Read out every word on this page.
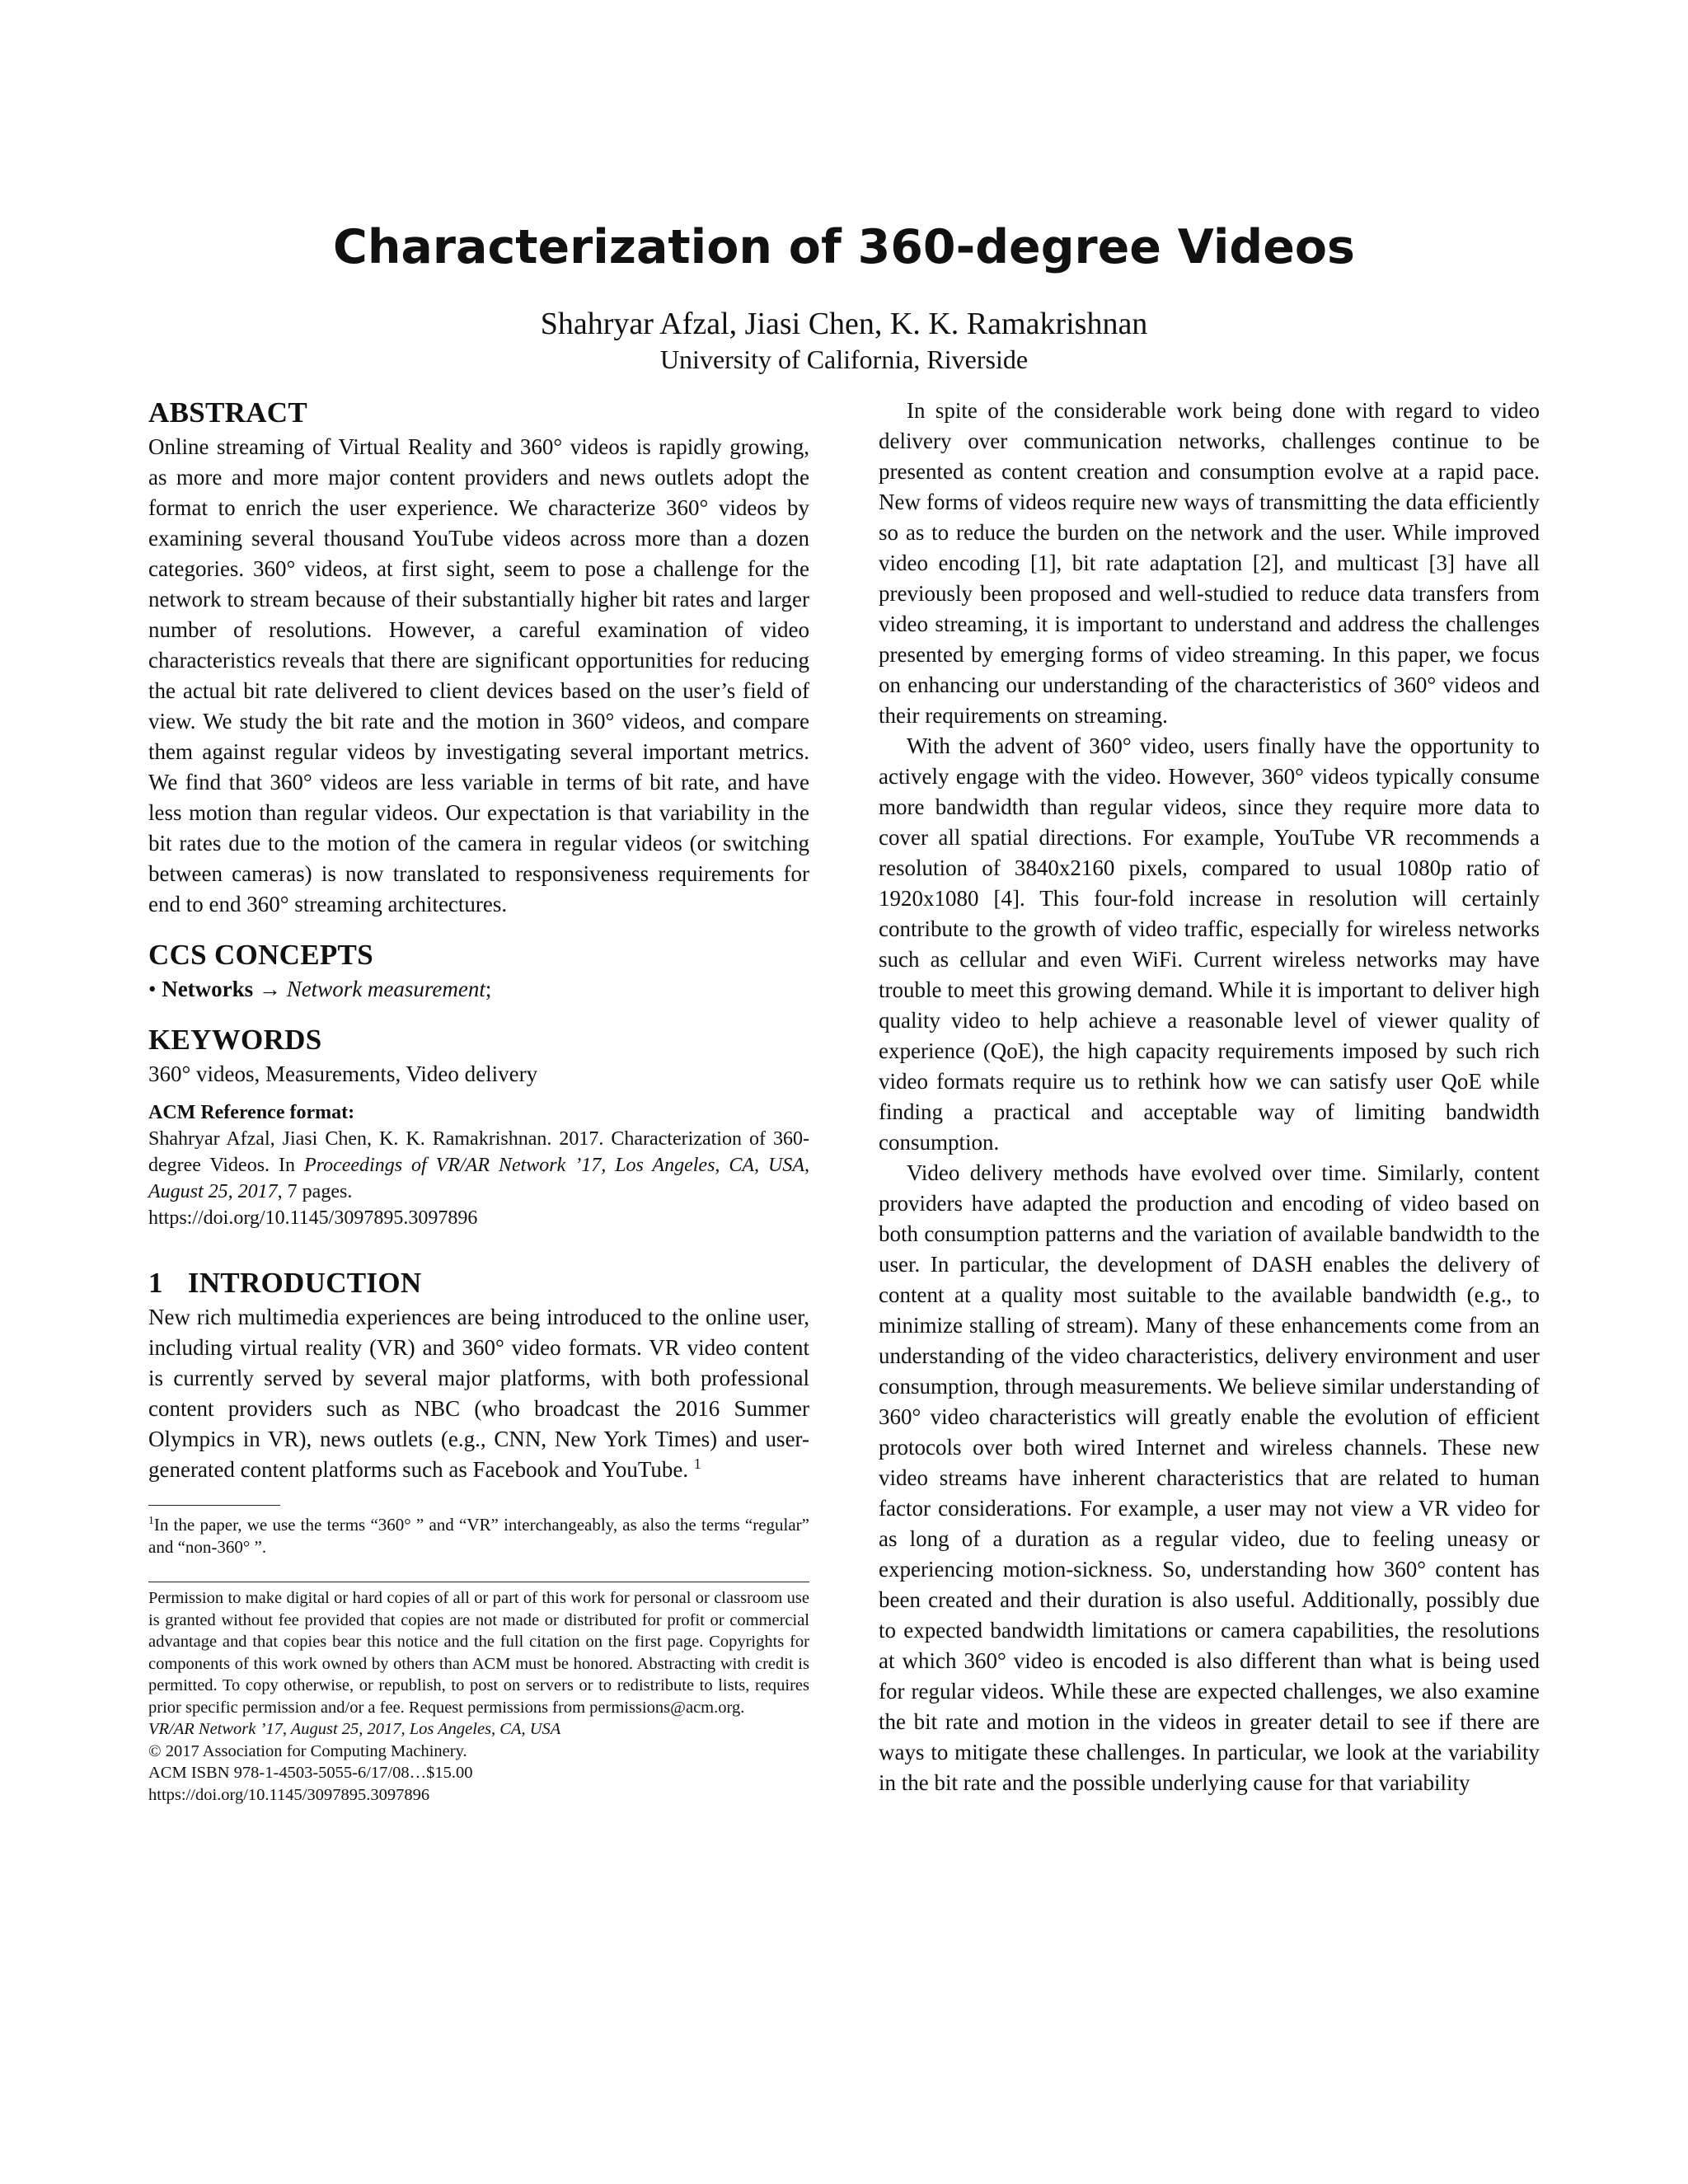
Characterization of 360-degree Videos
Shahryar Afzal, Jiasi Chen, K. K. Ramakrishnan
University of California, Riverside
ABSTRACT

Online streaming of Virtual Reality and 360° videos is rapidly growing, as more and more major content providers and news outlets adopt the format to enrich the user experience. We characterize 360° videos by examining several thousand YouTube videos across more than a dozen categories. 360° videos, at first sight, seem to pose a challenge for the network to stream because of their substantially higher bit rates and larger number of resolutions. However, a careful examination of video characteristics reveals that there are significant opportunities for reducing the actual bit rate delivered to client devices based on the user’s field of view. We study the bit rate and the motion in 360° videos, and compare them against regular videos by investigating several important metrics. We find that 360° videos are less variable in terms of bit rate, and have less motion than regular videos. Our expectation is that variability in the bit rates due to the motion of the camera in regular videos (or switching between cameras) is now translated to responsiveness requirements for end to end 360° streaming architectures.

CCS CONCEPTS

• Networks → Network measurement;

KEYWORDS

360° videos, Measurements, Video delivery

ACM Reference format:

Shahryar Afzal, Jiasi Chen, K. K. Ramakrishnan. 2017. Characterization of 360-degree Videos. In Proceedings of VR/AR Network ’17, Los Angeles, CA, USA, August 25, 2017, 7 pages.
https://doi.org/10.1145/3097895.3097896

1 INTRODUCTION

New rich multimedia experiences are being introduced to the online user, including virtual reality (VR) and 360° video formats. VR video content is currently served by several major platforms, with both professional content providers such as NBC (who broadcast the 2016 Summer Olympics in VR), news outlets (e.g., CNN, New York Times) and user-generated content platforms such as Facebook and YouTube. $^1$

$^1$In the paper, we use the terms “360° ” and “VR” interchangeably, as also the terms “regular” and “non-360° ”.

Permission to make digital or hard copies of all or part of this work for personal or classroom use is granted without fee provided that copies are not made or distributed for profit or commercial advantage and that copies bear this notice and the full citation on the first page. Copyrights for components of this work owned by others than ACM must be honored. Abstracting with credit is permitted. To copy otherwise, or republish, to post on servers or to redistribute to lists, requires prior specific permission and/or a fee. Request permissions from permissions@acm.org.

VR/AR Network ’17, August 25, 2017, Los Angeles, CA, USA

© 2017 Association for Computing Machinery.

ACM ISBN 978-1-4503-5055-6/17/08…$15.00

https://doi.org/10.1145/3097895.3097896

In spite of the considerable work being done with regard to video delivery over communication networks, challenges continue to be presented as content creation and consumption evolve at a rapid pace. New forms of videos require new ways of transmitting the data efficiently so as to reduce the burden on the network and the user. While improved video encoding [1], bit rate adaptation [2], and multicast [3] have all previously been proposed and well-studied to reduce data transfers from video streaming, it is important to understand and address the challenges presented by emerging forms of video streaming. In this paper, we focus on enhancing our understanding of the characteristics of 360° videos and their requirements on streaming.

With the advent of 360° video, users finally have the opportunity to actively engage with the video. However, 360° videos typically consume more bandwidth than regular videos, since they require more data to cover all spatial directions. For example, YouTube VR recommends a resolution of 3840x2160 pixels, compared to usual 1080p ratio of 1920x1080 [4]. This four-fold increase in resolution will certainly contribute to the growth of video traffic, especially for wireless networks such as cellular and even WiFi. Current wireless networks may have trouble to meet this growing demand. While it is important to deliver high quality video to help achieve a reasonable level of viewer quality of experience (QoE), the high capacity requirements imposed by such rich video formats require us to rethink how we can satisfy user QoE while finding a practical and acceptable way of limiting bandwidth consumption.

Video delivery methods have evolved over time. Similarly, content providers have adapted the production and encoding of video based on both consumption patterns and the variation of available bandwidth to the user. In particular, the development of DASH enables the delivery of content at a quality most suitable to the available bandwidth (e.g., to minimize stalling of stream). Many of these enhancements come from an understanding of the video characteristics, delivery environment and user consumption, through measurements. We believe similar understanding of 360° video characteristics will greatly enable the evolution of efficient protocols over both wired Internet and wireless channels. These new video streams have inherent characteristics that are related to human factor considerations. For example, a user may not view a VR video for as long of a duration as a regular video, due to feeling uneasy or experiencing motion-sickness. So, understanding how 360° content has been created and their duration is also useful. Additionally, possibly due to expected bandwidth limitations or camera capabilities, the resolutions at which 360° video is encoded is also different than what is being used for regular videos. While these are expected challenges, we also examine the bit rate and motion in the videos in greater detail to see if there are ways to mitigate these challenges. In particular, we look at the variability in the bit rate and the possible underlying cause for that variability
